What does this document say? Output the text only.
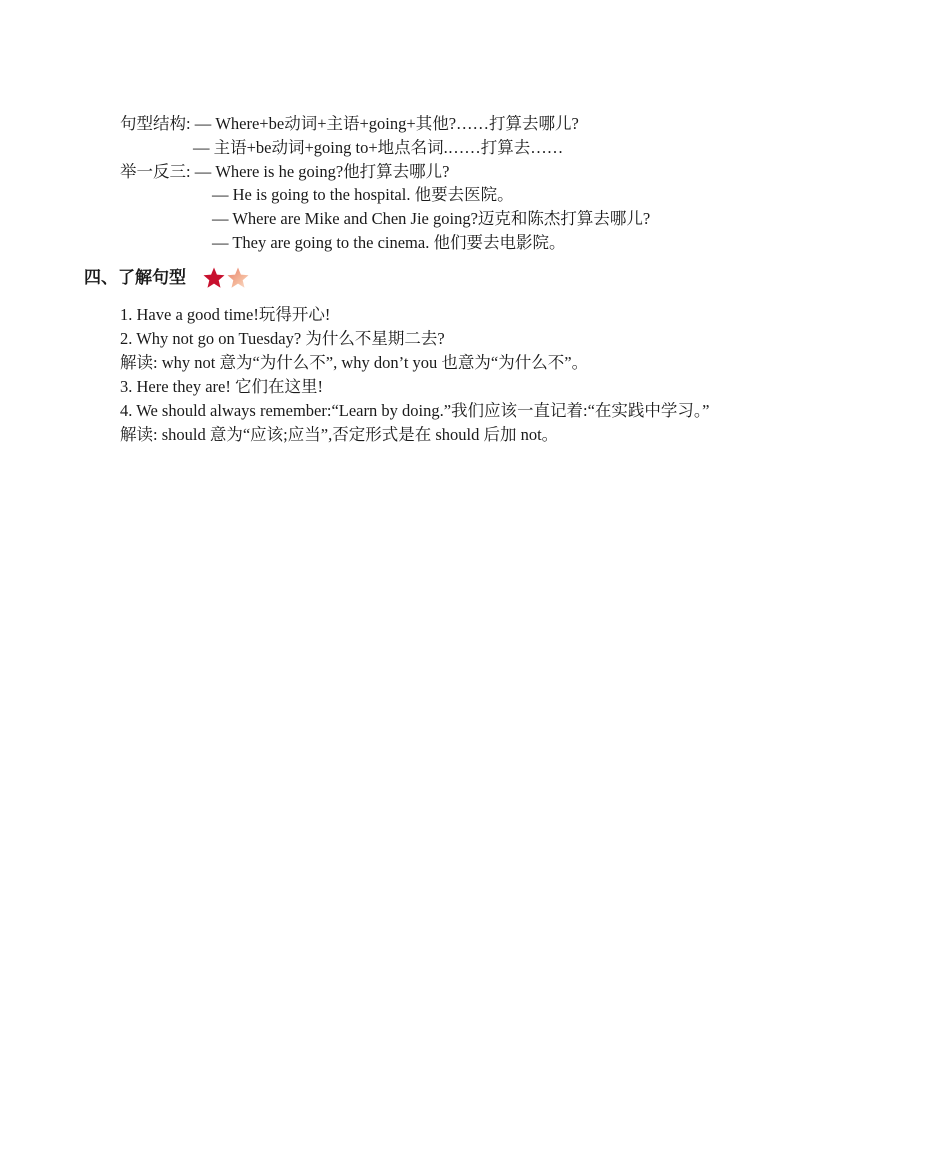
句型结构: — Where+be动词+主语+going+其他?……打算去哪儿?
— 主语+be动词+going to+地点名词.……打算去……
举一反三: — Where is he going?他打算去哪儿?
— He is going to the hospital. 他要去医院。
— Where are Mike and Chen Jie going?迈克和陈杰打算去哪儿?
— They are going to the cinema. 他们要去电影院。
四、了解句型
1. Have a good time!玩得开心!
2. Why not go on Tuesday? 为什么不星期二去?
解读: why not 意为“为什么不”, why don’t you 也意为“为什么不”。
3. Here they are! 它们在这里!
4. We should always remember:“Learn by doing.”我们应该一直记着:“在实践中学习。”
解读: should 意为“应该;应当”,否定形式是在 should 后加 not。
